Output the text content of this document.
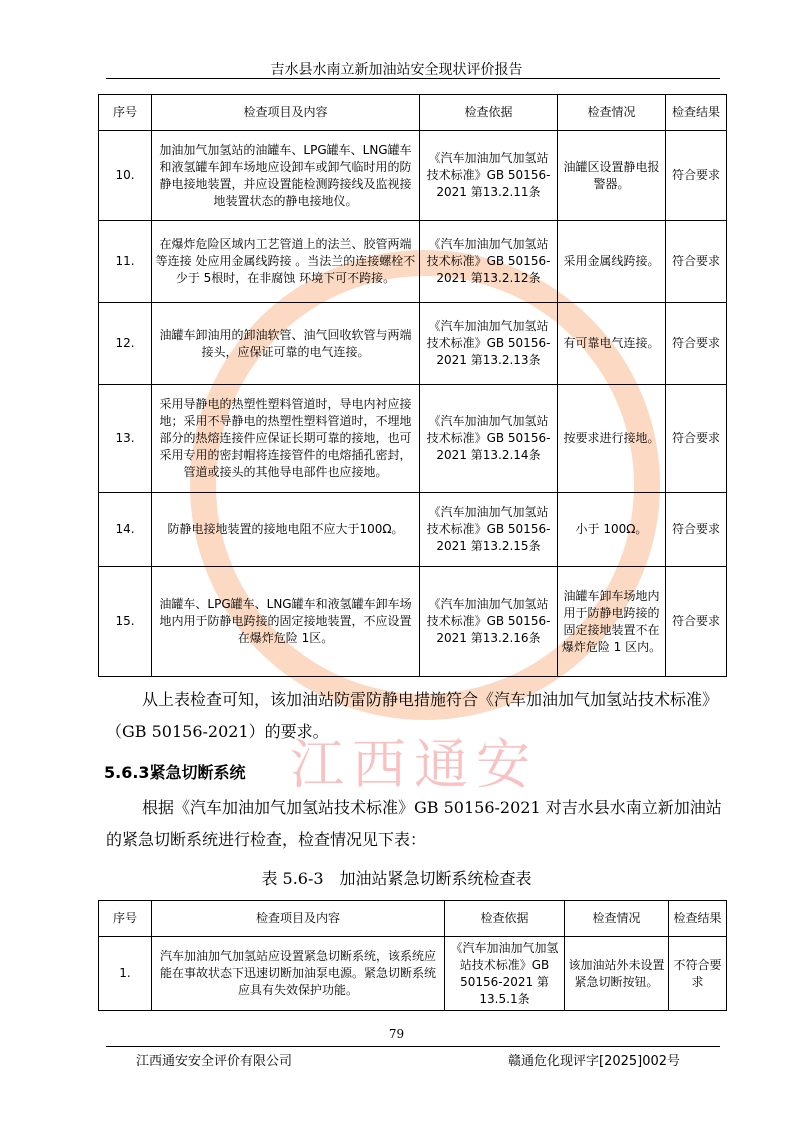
吉水县水南立新加油站安全现状评价报告
江西通安
序号	检查项目及内容	检查依据	检查情况	检查结果
10.	加油加气加氢站的油罐车、LPG罐车、LNG罐车和液氢罐车卸车场地应设卸车或卸气临时用的防静电接地装置，并应设置能检测跨接线及监视接地装置状态的静电接地仪。	《汽车加油加气加氢站技术标准》GB 50156-2021 第13.2.11条	油罐区设置静电报警器。	符合要求
11.	在爆炸危险区域内工艺管道上的法兰、胶管两端等连接 处应用金属线跨接 。当法兰的连接螺栓不少于 5根时，在非腐蚀 环境下可不跨接。	《汽车加油加气加氢站技术标准》GB 50156-2021 第13.2.12条	采用金属线跨接。	符合要求
12.	油罐车卸油用的卸油软管、油气回收软管与两端接头，应保证可靠的电气连接。	《汽车加油加气加氢站技术标准》GB 50156-2021 第13.2.13条	有可靠电气连接。	符合要求
13.	采用导静电的热塑性塑料管道时，导电内衬应接地；采用不导静电的热塑性塑料管道时，不埋地部分的热熔连接件应保证长期可靠的接地，也可采用专用的密封帽将连接管件的电熔插孔密封，管道或接头的其他导电部件也应接地。	《汽车加油加气加氢站技术标准》GB 50156-2021 第13.2.14条	按要求进行接地。	符合要求
14.	防静电接地装置的接地电阻不应大于100Ω。	《汽车加油加气加氢站技术标准》GB 50156-2021 第13.2.15条	小于 100Ω。	符合要求
15.	油罐车、LPG罐车、LNG罐车和液氢罐车卸车场地内用于防静电跨接的固定接地装置，不应设置在爆炸危险 1区。	《汽车加油加气加氢站技术标准》GB 50156-2021 第13.2.16条	油罐车卸车场地内用于防静电跨接的固定接地装置不在爆炸危险 1 区内。	符合要求
从上表检查可知，该加油站防雷防静电措施符合《汽车加油加气加氢站技术标准》（GB 50156-2021）的要求。
5.6.3紧急切断系统
根据《汽车加油加气加氢站技术标准》GB 50156-2021 对吉水县水南立新加油站的紧急切断系统进行检查，检查情况见下表：
表 5.6-3　加油站紧急切断系统检查表
序号	检查项目及内容	检查依据	检查情况	检查结果
1.	汽车加油加气加氢站应设置紧急切断系统，该系统应能在事故状态下迅速切断加油泵电源。紧急切断系统应具有失效保护功能。	《汽车加油加气加氢站技术标准》GB 50156-2021 第13.5.1条	该加油站外未设置紧急切断按钮。	不符合要求
79
江西通安安全评价有限公司	赣通危化现评字[2025]002号
